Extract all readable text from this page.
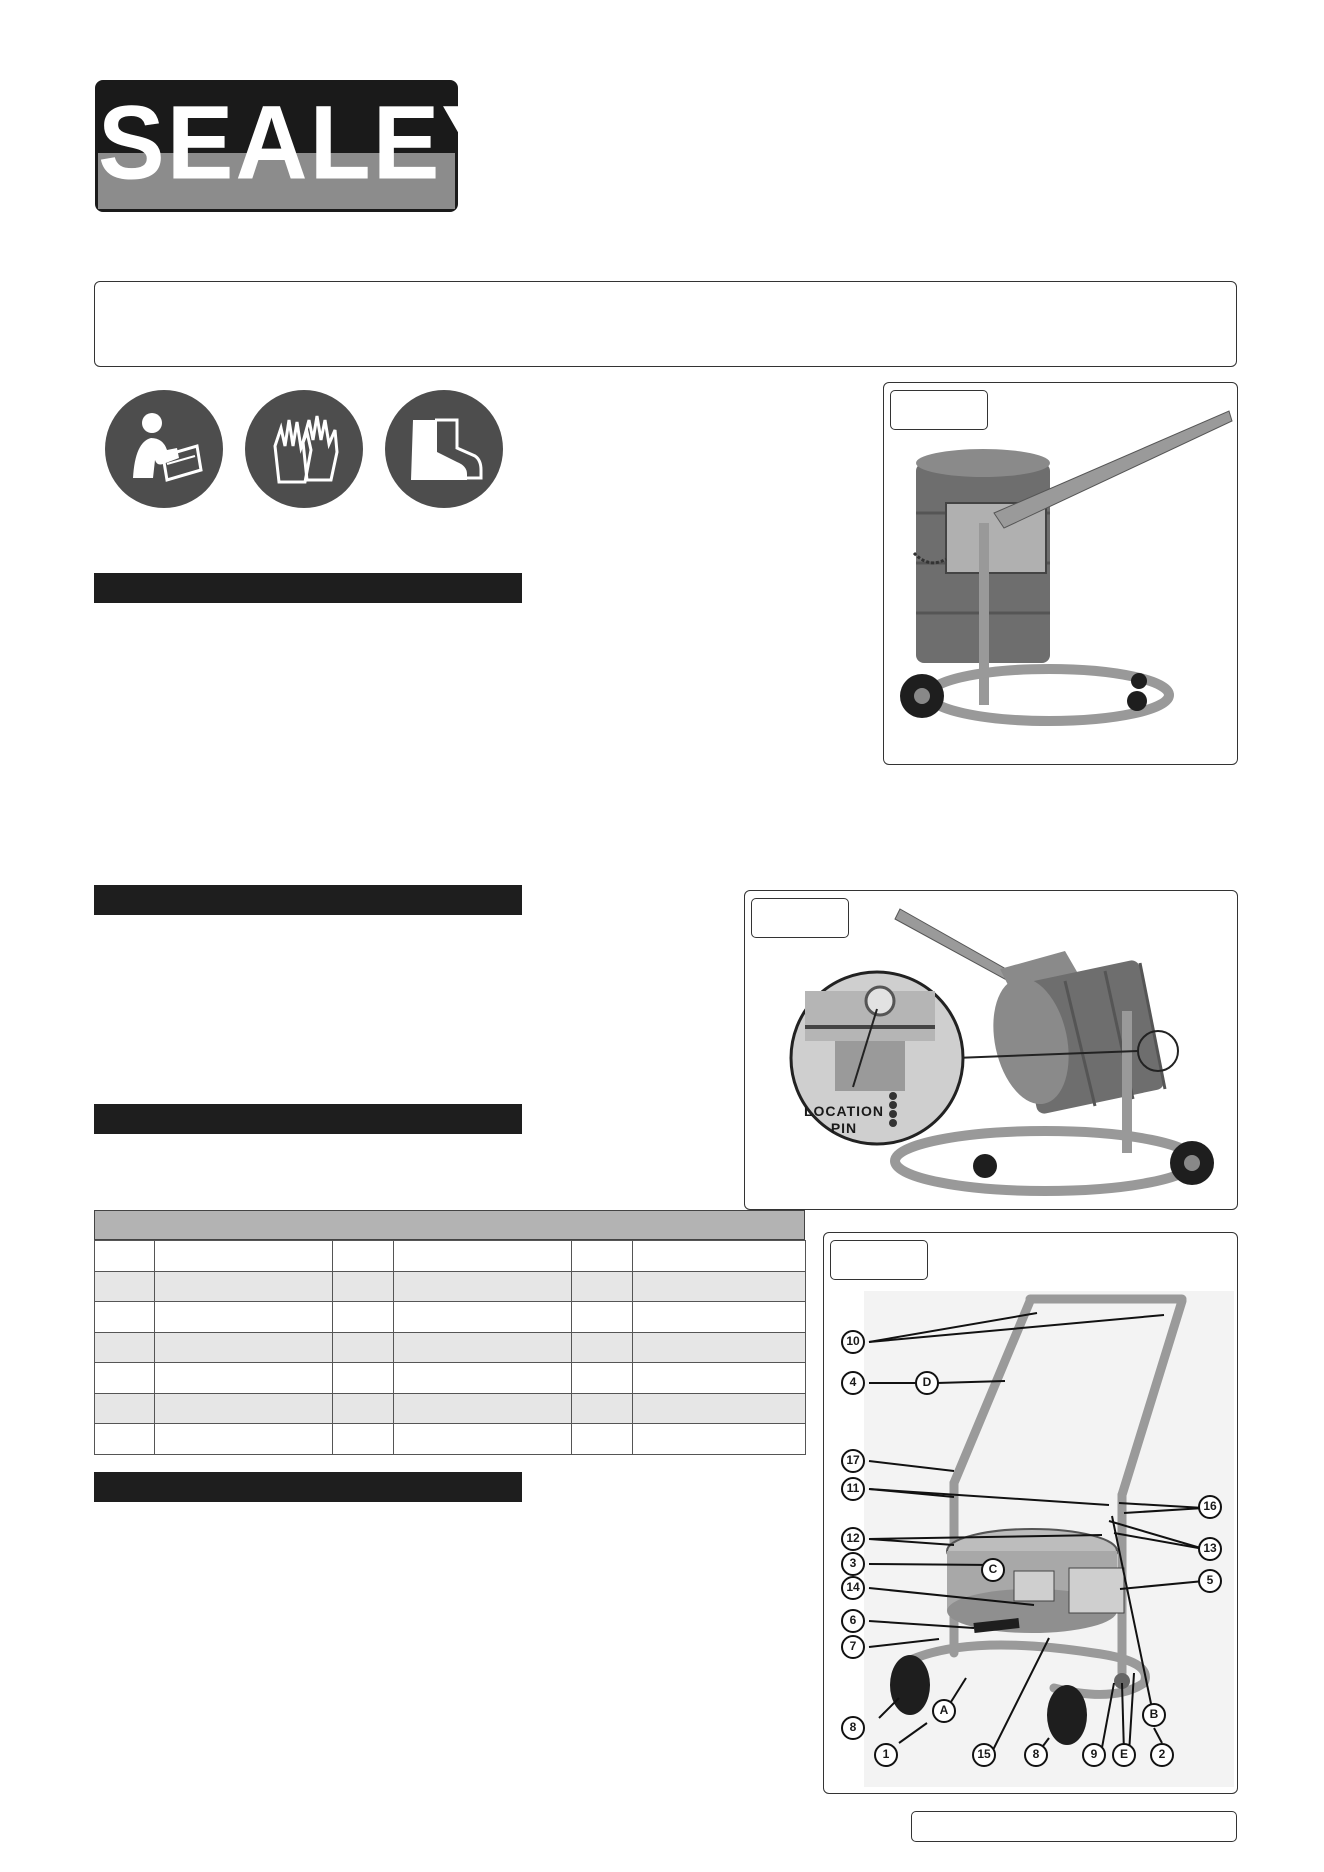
SEALEY
LOCATION
PIN

10
4	D
17
11
12
3	C
14
6
7
A
8
1	15	8	9	E	2
B
16
13
5
